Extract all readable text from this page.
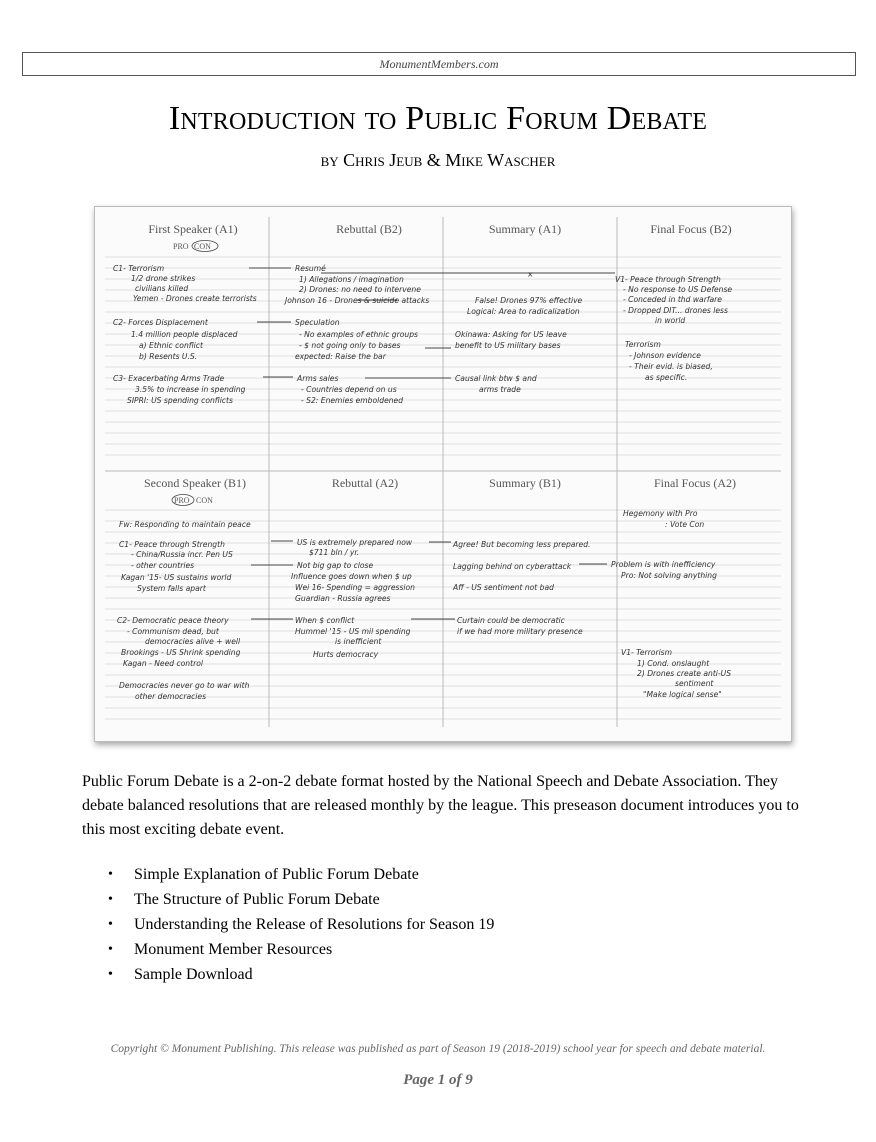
MonumentMembers.com
Introduction to Public Forum Debate
by Chris Jeub & Mike Wascher
First Speaker (A1)	Rebuttal (B2)	Summary (A1)	Final Focus (B2)
PRO CON
Second Speaker (B1)	Rebuttal (A2)	Summary (B1)	Final Focus (A2)
PRO CON
×
C1- Terrorism
1/2 drone strikes
civilians killed
Yemen - Drones create terrorists
C2- Forces Displacement
1.4 million people displaced
a) Ethnic conflict
b) Resents U.S.
C3- Exacerbating Arms Trade
3.5% to increase in spending
SIPRI: US spending conflicts
Resumé
1) Allegations / imagination
2) Drones: no need to intervene
Johnson 16 - Drones & suicide attacks
Speculation
- No examples of ethnic groups
- $ not going only to bases
expected: Raise the bar
Arms sales
- Countries depend on us
- S2: Enemies emboldened
False! Drones 97% effective
Logical: Area to radicalization
Okinawa: Asking for US leave
benefit to US military bases
Causal link btw $ and
arms trade
V1- Peace through Strength
- No response to US Defense
- Conceded in thd warfare
- Dropped DIT... drones less
in world
Terrorism
- Johnson evidence
- Their evid. is biased,
as specific.
Fw: Responding to maintain peace
C1- Peace through Strength
- China/Russia incr. Pen US
- other countries
Kagan '15- US sustains world
System falls apart
C2- Democratic peace theory
- Communism dead, but
democracies alive + well
Brookings - US Shrink spending
Kagan - Need control
Democracies never go to war with
other democracies
US is extremely prepared now
$711 bln / yr.
Not big gap to close
Influence goes down when $ up
Wei 16- Spending = aggression
Guardian - Russia agrees
When $ conflict
Hummel '15 - US mil spending
is inefficient
Hurts democracy
Agree! But becoming less prepared.
Lagging behind on cyberattack
Aff - US sentiment not bad
Curtain could be democratic
if we had more military presence
Hegemony with Pro
: Vote Con
Problem is with inefficiency
Pro: Not solving anything
V1- Terrorism
1) Cond. onslaught
2) Drones create anti-US
sentiment
"Make logical sense"

Public Forum Debate is a 2-on-2 debate format hosted by the National Speech and Debate Association. They debate balanced resolutions that are released monthly by the league. This preseason document introduces you to this most exciting debate event.

• Simple Explanation of Public Forum Debate
• The Structure of Public Forum Debate
• Understanding the Release of Resolutions for Season 19
• Monument Member Resources
• Sample Download
Copyright © Monument Publishing. This release was published as part of Season 19 (2018-2019) school year for speech and debate material.
Page 1 of 9
